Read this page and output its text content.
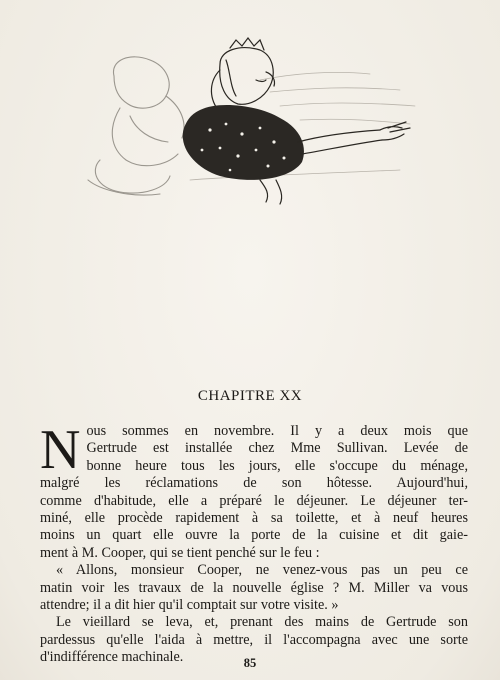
CHAPITRE XX
N ous sommes en novembre. Il y a deux mois que
Gertrude est installée chez Mme Sullivan. Levée de
bonne heure tous les jours, elle s'occupe du ménage,
malgré les réclamations de son hôtesse. Aujourd'hui,
comme d'habitude, elle a préparé le déjeuner. Le déjeuner ter-
miné, elle procède rapidement à sa toilette, et à neuf heures
moins un quart elle ouvre la porte de la cuisine et dit gaie-
ment à M. Cooper, qui se tient penché sur le feu :
« Allons, monsieur Cooper, ne venez-vous pas un peu ce
matin voir les travaux de la nouvelle église ? M. Miller va vous
attendre; il a dit hier qu'il comptait sur votre visite. »
Le vieillard se leva, et, prenant des mains de Gertrude son
pardessus qu'elle l'aida à mettre, il l'accompagna avec une sorte
d'indifférence machinale.	85
